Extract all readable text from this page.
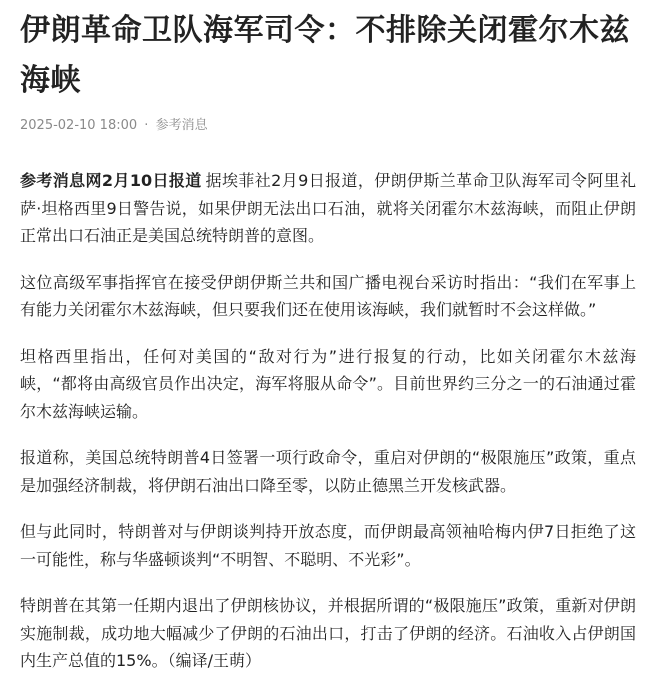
伊朗革命卫队海军司令：不排除关闭霍尔木兹海峡
2025-02-10 18:00 · 参考消息

参考消息网2月10日报道 据埃菲社2月9日报道，伊朗伊斯兰革命卫队海军司令阿里礼萨·坦格西里9日警告说，如果伊朗无法出口石油，就将关闭霍尔木兹海峡，而阻止伊朗正常出口石油正是美国总统特朗普的意图。

这位高级军事指挥官在接受伊朗伊斯兰共和国广播电视台采访时指出：“我们在军事上有能力关闭霍尔木兹海峡，但只要我们还在使用该海峡，我们就暂时不会这样做。”

坦格西里指出，任何对美国的“敌对行为”进行报复的行动，比如关闭霍尔木兹海峡，“都将由高级官员作出决定，海军将服从命令”。目前世界约三分之一的石油通过霍尔木兹海峡运输。

报道称，美国总统特朗普4日签署一项行政命令，重启对伊朗的“极限施压”政策，重点是加强经济制裁，将伊朗石油出口降至零，以防止德黑兰开发核武器。

但与此同时，特朗普对与伊朗谈判持开放态度，而伊朗最高领袖哈梅内伊7日拒绝了这一可能性，称与华盛顿谈判“不明智、不聪明、不光彩”。

特朗普在其第一任期内退出了伊朗核协议，并根据所谓的“极限施压”政策，重新对伊朗实施制裁，成功地大幅减少了伊朗的石油出口，打击了伊朗的经济。石油收入占伊朗国内生产总值的15%。（编译/王萌）
